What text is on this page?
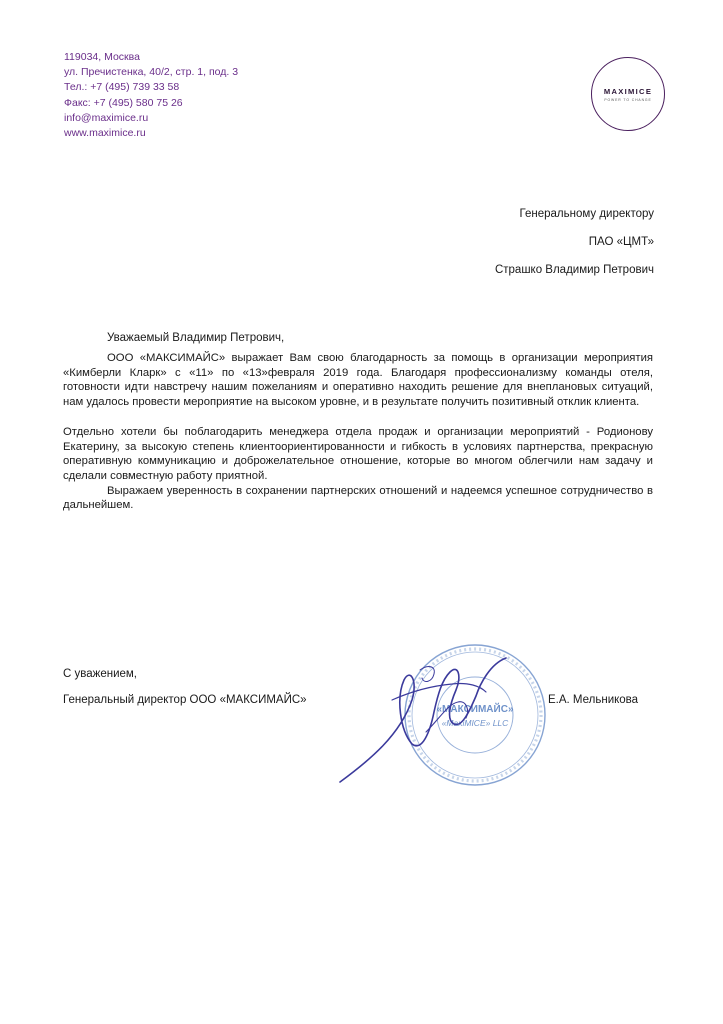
119034, Москва
ул. Пречистенка, 40/2, стр. 1, под. 3
Тел.: +7 (495) 739 33 58
Факс: +7 (495) 580 75 26
info@maximice.ru
www.maximice.ru
MAXIMICE
POWER TO CHANGE
Генеральному директору
ПАО «ЦМТ»
Страшко Владимир Петрович
Уважаемый Владимир Петрович,

ООО «МАКСИМАЙС» выражает Вам свою благодарность за помощь в организации мероприятия «Кимберли Кларк» с «11» по «13»февраля 2019 года. Благодаря профессионализму команды отеля, готовности идти навстречу нашим пожеланиям и оперативно находить решение для внеплановых ситуаций, нам удалось провести мероприятие на высоком уровне, и в результате получить позитивный отклик клиента.

Отдельно хотели бы поблагодарить менеджера отдела продаж и организации мероприятий - Родионову Екатерину, за высокую степень клиентоориентированности и гибкость в условиях партнерства, прекрасную оперативную коммуникацию и доброжелательное отношение, которые во многом облегчили нам задачу и сделали совместную работу приятной.

Выражаем уверенность в сохранении партнерских отношений и надеемся успешное сотрудничество в дальнейшем.

С уважением,
Генеральный директор ООО «МАКСИМАЙС»	Е.А. Мельникова
«МАКСИМАЙС»
«MaxiMICE» LLC
